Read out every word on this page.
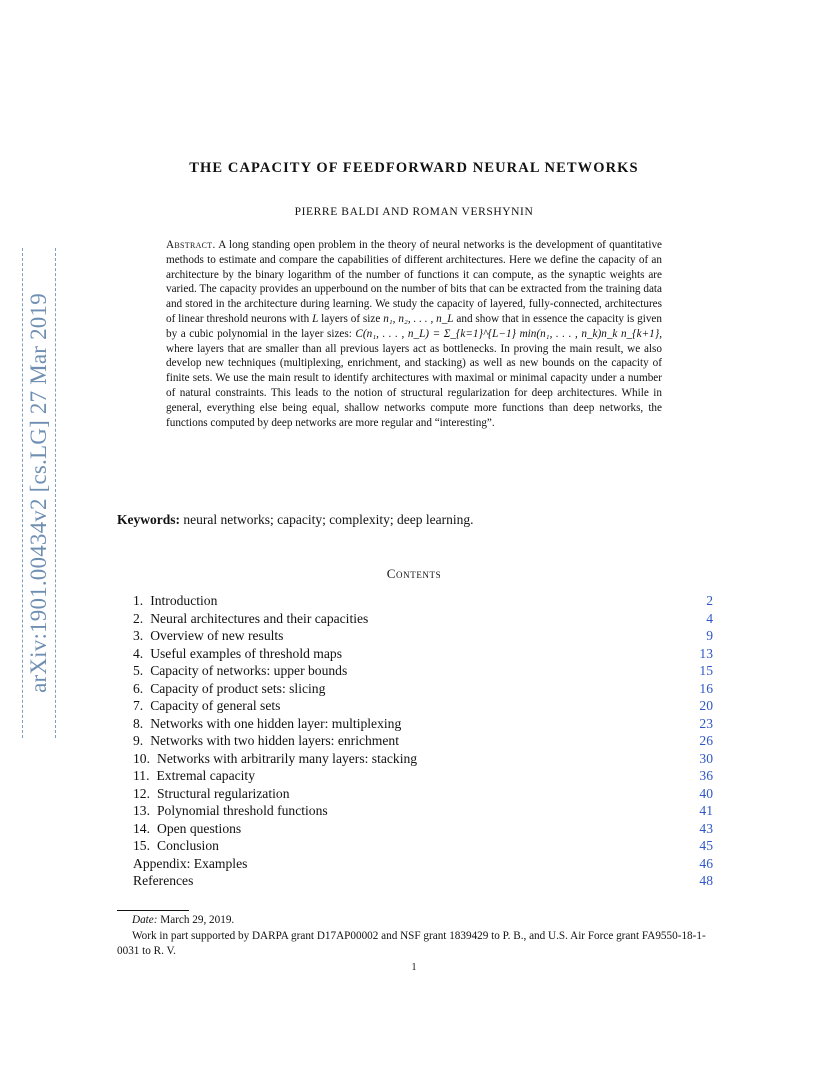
arXiv:1901.00434v2 [cs.LG] 27 Mar 2019
THE CAPACITY OF FEEDFORWARD NEURAL NETWORKS
PIERRE BALDI AND ROMAN VERSHYNIN
Abstract. A long standing open problem in the theory of neural networks is the development of quantitative methods to estimate and compare the capabilities of different architectures. Here we define the capacity of an architecture by the binary logarithm of the number of functions it can compute, as the synaptic weights are varied. The capacity provides an upperbound on the number of bits that can be extracted from the training data and stored in the architecture during learning. We study the capacity of layered, fully-connected, architectures of linear threshold neurons with L layers of size n₁, n₂, . . . , n_L and show that in essence the capacity is given by a cubic polynomial in the layer sizes: C(n₁, . . . , n_L) = Σ_{k=1}^{L−1} min(n₁, . . . , n_k)n_k n_{k+1}, where layers that are smaller than all previous layers act as bottlenecks. In proving the main result, we also develop new techniques (multiplexing, enrichment, and stacking) as well as new bounds on the capacity of finite sets. We use the main result to identify architectures with maximal or minimal capacity under a number of natural constraints. This leads to the notion of structural regularization for deep architectures. While in general, everything else being equal, shallow networks compute more functions than deep networks, the functions computed by deep networks are more regular and “interesting”.
Keywords: neural networks; capacity; complexity; deep learning.
Contents
1. Introduction	2
2. Neural architectures and their capacities	4
3. Overview of new results	9
4. Useful examples of threshold maps	13
5. Capacity of networks: upper bounds	15
6. Capacity of product sets: slicing	16
7. Capacity of general sets	20
8. Networks with one hidden layer: multiplexing	23
9. Networks with two hidden layers: enrichment	26
10. Networks with arbitrarily many layers: stacking	30
11. Extremal capacity	36
12. Structural regularization	40
13. Polynomial threshold functions	41
14. Open questions	43
15. Conclusion	45
Appendix: Examples	46
References	48
Date: March 29, 2019.
Work in part supported by DARPA grant D17AP00002 and NSF grant 1839429 to P. B., and U.S. Air Force grant FA9550-18-1-0031 to R. V.
1
